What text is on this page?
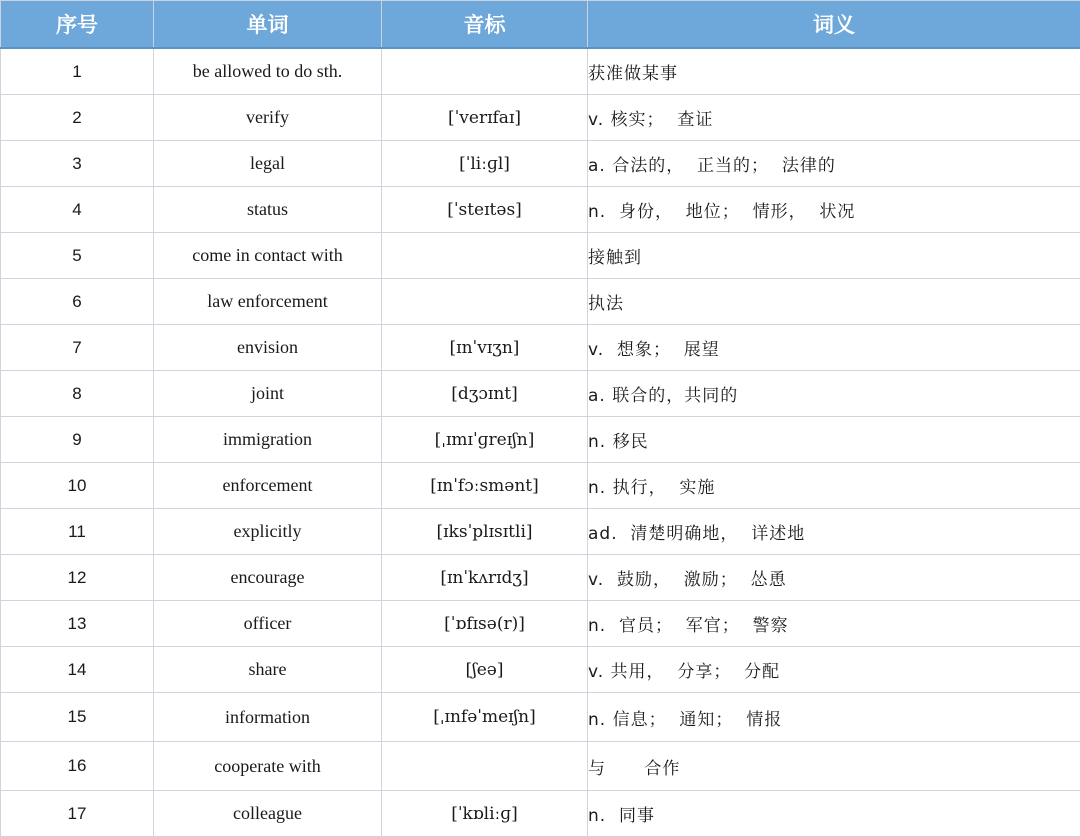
序号	单词	音标	词义
1	be allowed to do sth.		获准做某事
2	verify	[ˈverɪfaɪ]	v. 核实；  查证
3	legal	[ˈliːɡl]	a. 合法的，  正当的；  法律的
4	status	[ˈsteɪtəs]	n.  身份，  地位；  情形，  状况
5	come in contact with		接触到
6	law enforcement		执法
7	envision	[ɪnˈvɪʒn]	v.  想象；  展望
8	joint	[dʒɔɪnt]	a. 联合的，共同的
9	immigration	[ˌɪmɪˈɡreɪʃn]	n. 移民
10	enforcement	[ɪnˈfɔːsmənt]	n. 执行，  实施
11	explicitly	[ɪksˈplɪsɪtli]	ad.  清楚明确地，  详述地
12	encourage	[ɪnˈkʌrɪdʒ]	v.  鼓励，  激励；  怂恿
13	officer	[ˈɒfɪsə(r)]	n.  官员；  军官；  警察
14	share	[ʃeə]	v. 共用，  分享；  分配
15	information	[ˌɪnfəˈmeɪʃn]	n. 信息；  通知；  情报
16	cooperate with		与      合作
17	colleague	[ˈkɒliːɡ]	n.  同事
